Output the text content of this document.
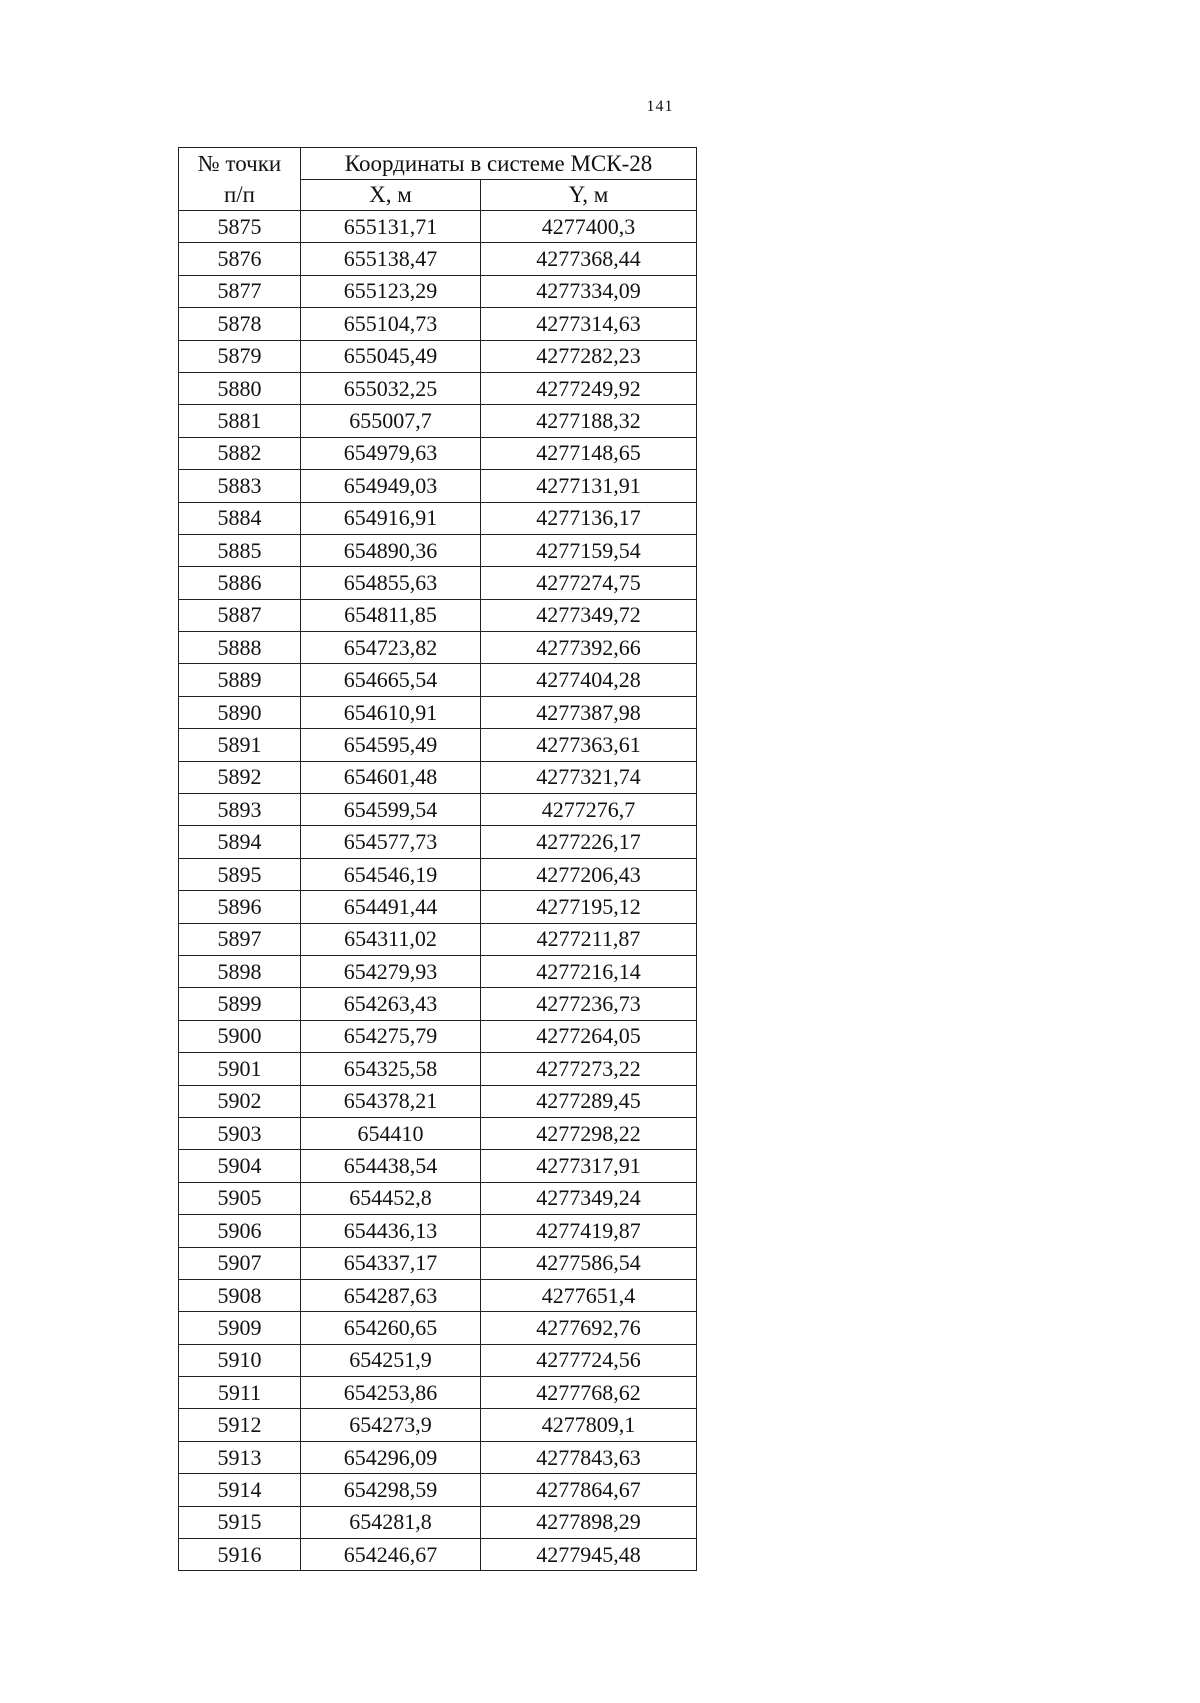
141
№ точки
п/п	Координаты в системе МСК-28	
	X, м	Y, м
5875	655131,71	4277400,3
5876	655138,47	4277368,44
5877	655123,29	4277334,09
5878	655104,73	4277314,63
5879	655045,49	4277282,23
5880	655032,25	4277249,92
5881	655007,7	4277188,32
5882	654979,63	4277148,65
5883	654949,03	4277131,91
5884	654916,91	4277136,17
5885	654890,36	4277159,54
5886	654855,63	4277274,75
5887	654811,85	4277349,72
5888	654723,82	4277392,66
5889	654665,54	4277404,28
5890	654610,91	4277387,98
5891	654595,49	4277363,61
5892	654601,48	4277321,74
5893	654599,54	4277276,7
5894	654577,73	4277226,17
5895	654546,19	4277206,43
5896	654491,44	4277195,12
5897	654311,02	4277211,87
5898	654279,93	4277216,14
5899	654263,43	4277236,73
5900	654275,79	4277264,05
5901	654325,58	4277273,22
5902	654378,21	4277289,45
5903	654410	4277298,22
5904	654438,54	4277317,91
5905	654452,8	4277349,24
5906	654436,13	4277419,87
5907	654337,17	4277586,54
5908	654287,63	4277651,4
5909	654260,65	4277692,76
5910	654251,9	4277724,56
5911	654253,86	4277768,62
5912	654273,9	4277809,1
5913	654296,09	4277843,63
5914	654298,59	4277864,67
5915	654281,8	4277898,29
5916	654246,67	4277945,48
